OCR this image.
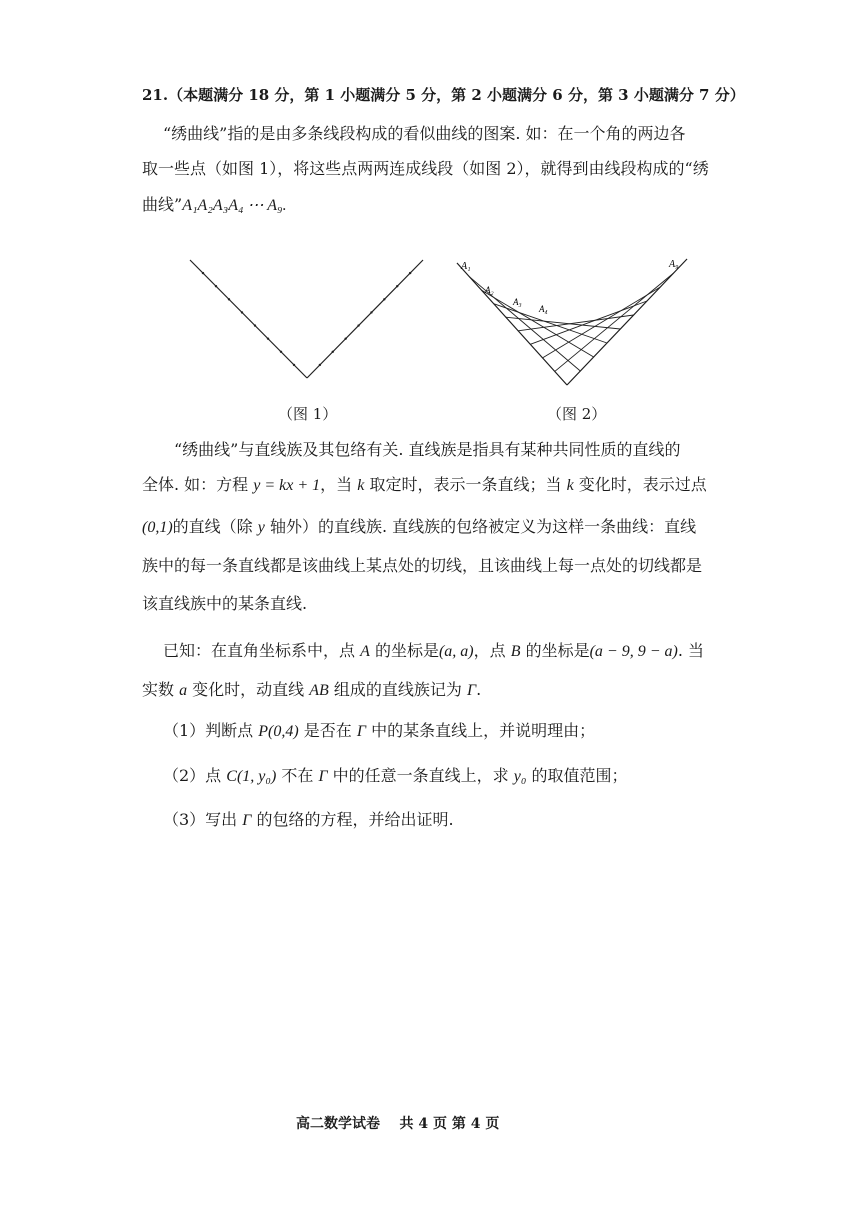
21.（本题满分 18 分，第 1 小题满分 5 分，第 2 小题满分 6 分，第 3 小题满分 7 分）
“绣曲线”指的是由多条线段构成的看似曲线的图案. 如：在一个角的两边各
取一些点（如图 1），将这些点两两连成线段（如图 2），就得到由线段构成的“绣
曲线”A₁A₂A₃A₄ ⋯ A₉.
（图 1）
A₁
A₂
A₃
A₄
A₉
（图 2）
“绣曲线”与直线族及其包络有关. 直线族是指具有某种共同性质的直线的
全体. 如：方程 y = kx + 1，当 k 取定时，表示一条直线；当 k 变化时，表示过点
(0,1)的直线（除 y 轴外）的直线族. 直线族的包络被定义为这样一条曲线：直线
族中的每一条直线都是该曲线上某点处的切线，且该曲线上每一点处的切线都是
该直线族中的某条直线.
已知：在直角坐标系中，点 A 的坐标是(a, a)，点 B 的坐标是(a − 9, 9 − a). 当
实数 a 变化时，动直线 AB 组成的直线族记为 Γ.
（1）判断点 P(0,4) 是否在 Γ 中的某条直线上，并说明理由；
（2）点 C(1, y₀) 不在 Γ 中的任意一条直线上，求 y₀ 的取值范围；
（3）写出 Γ 的包络的方程，并给出证明.
高二数学试卷    共 4 页 第 4 页
